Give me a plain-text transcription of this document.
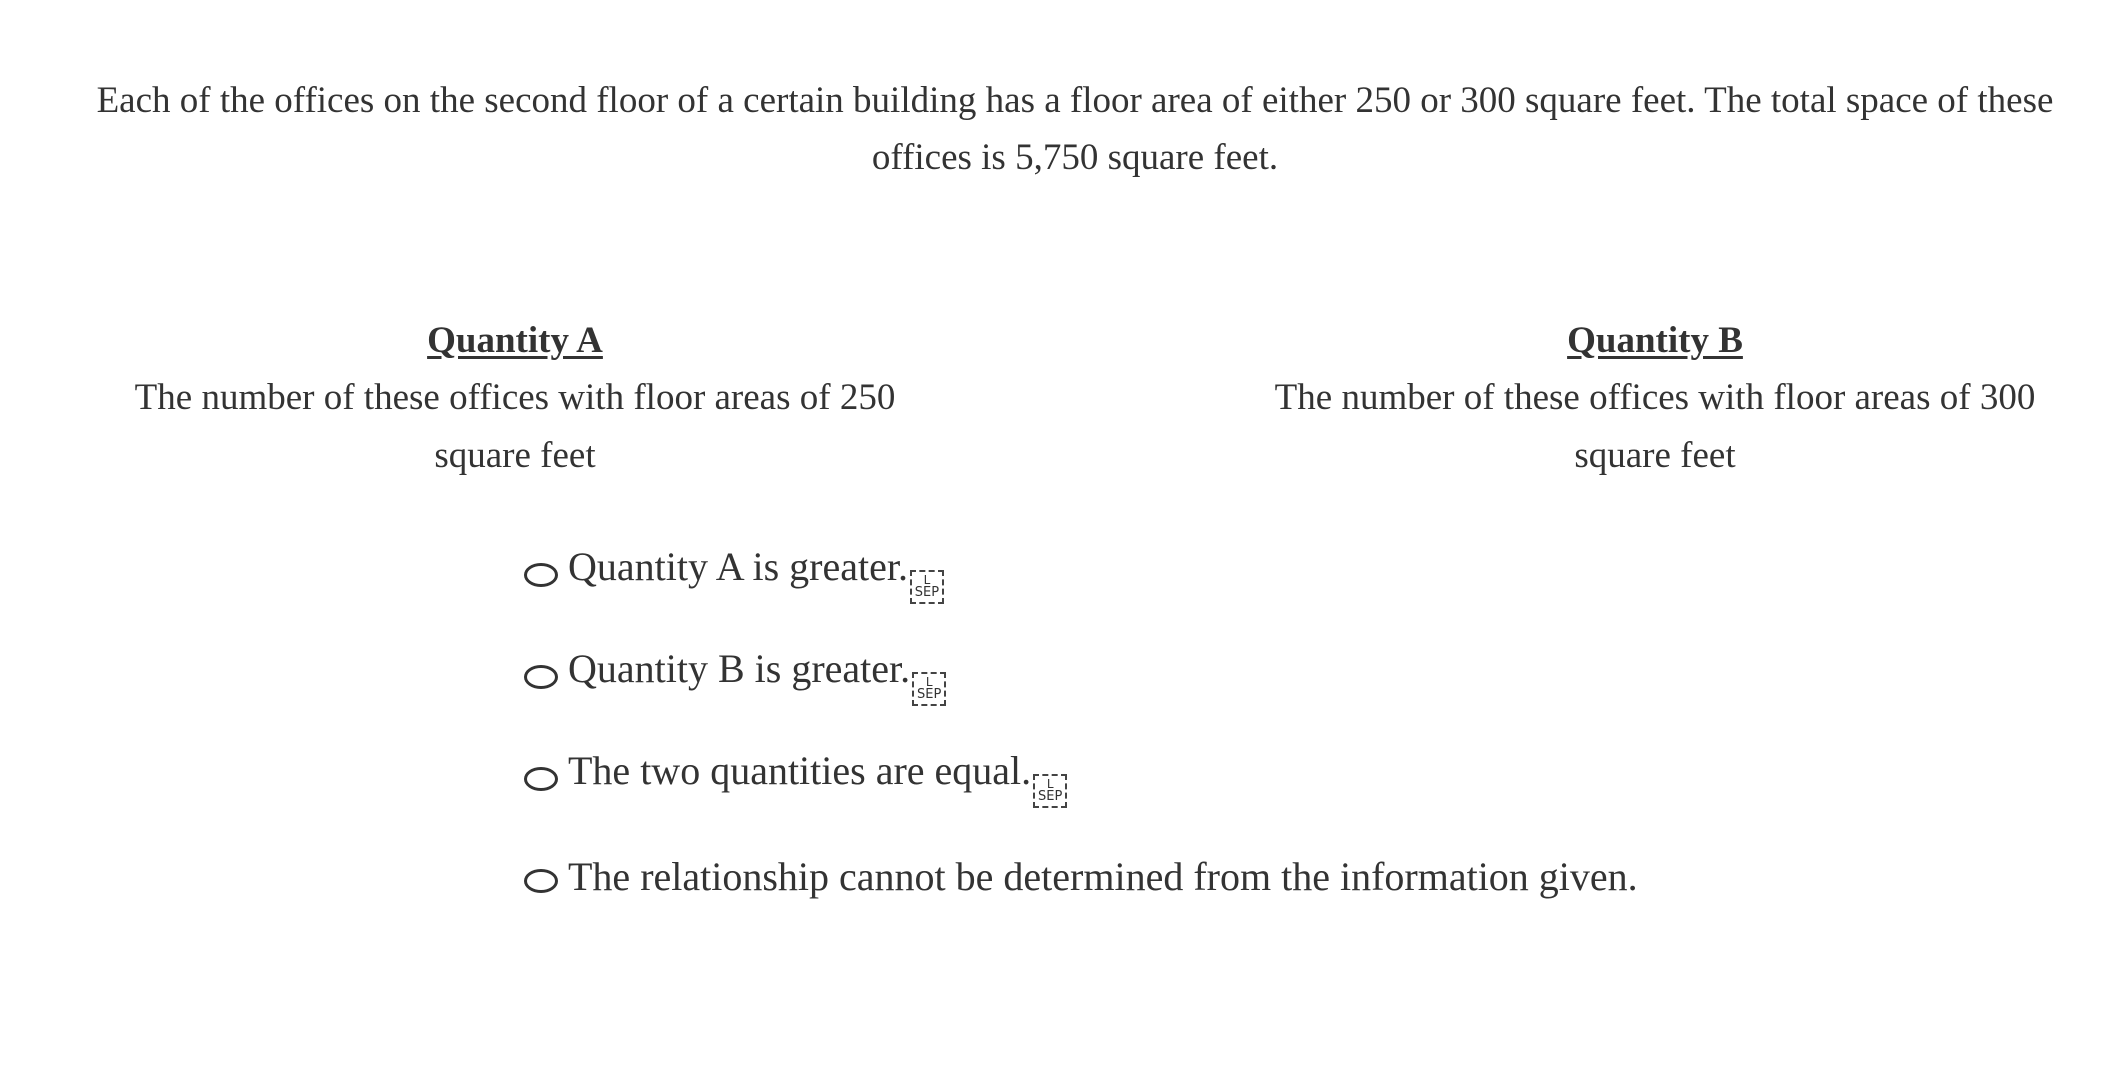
Each of the offices on the second floor of a certain building has a floor area of either 250 or 300 square feet. The total space of these offices is 5,750 square feet.
Quantity A
The number of these offices with floor areas of 250 square feet
Quantity B
The number of these offices with floor areas of 300 square feet
Quantity A is greater. L
SEP
Quantity B is greater. L
SEP
The two quantities are equal. L
SEP
The relationship cannot be determined from the information given.
